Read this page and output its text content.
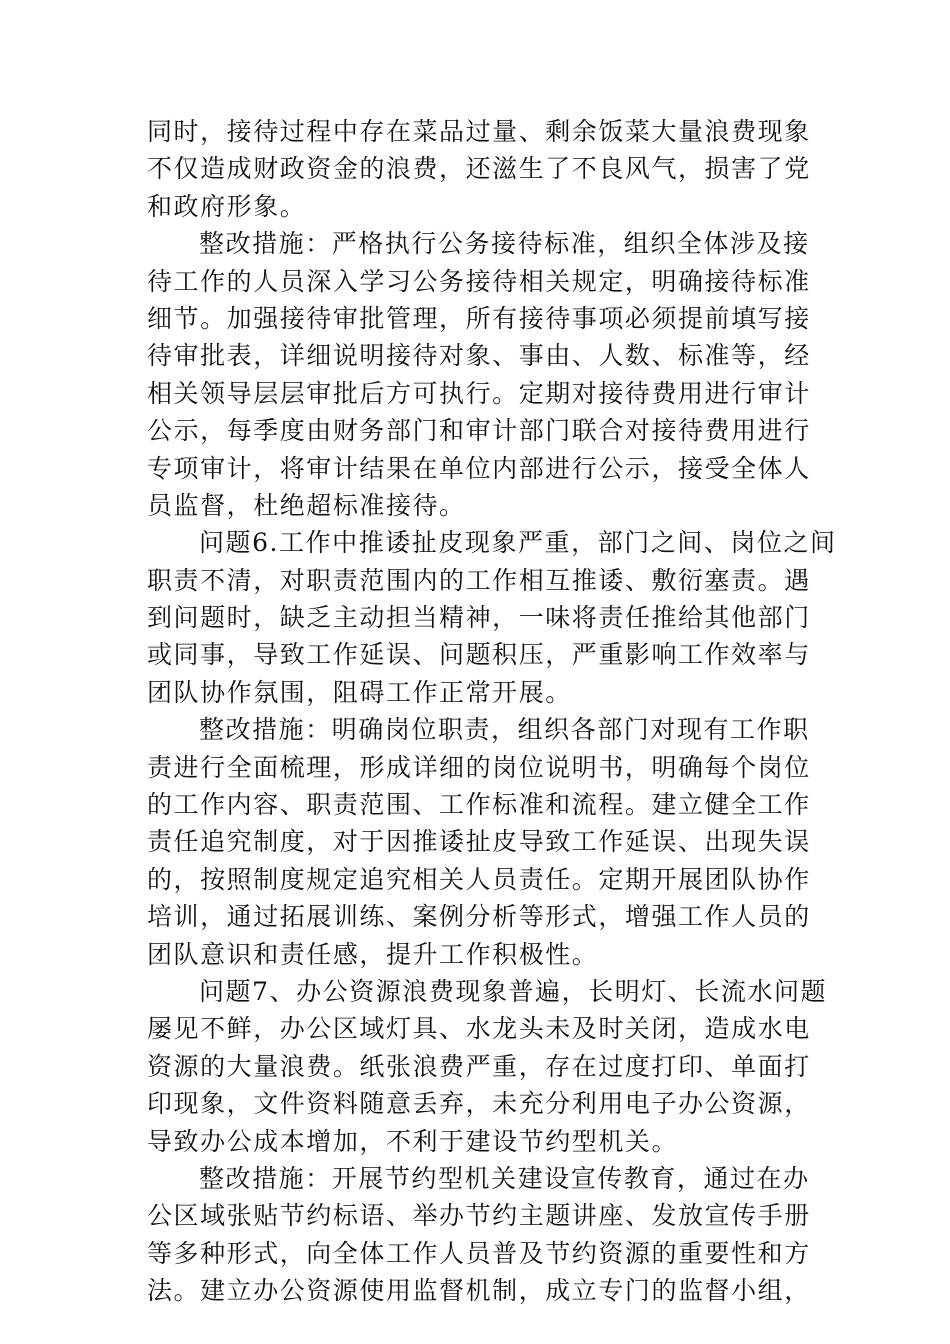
同时，接待过程中存在菜品过量、剩余饭菜大量浪费现象
不仅造成财政资金的浪费，还滋生了不良风气，损害了党
和政府形象。
整改措施：严格执行公务接待标准，组织全体涉及接
待工作的人员深入学习公务接待相关规定，明确接待标准
细节。加强接待审批管理，所有接待事项必须提前填写接
待审批表，详细说明接待对象、事由、人数、标准等，经
相关领导层层审批后方可执行。定期对接待费用进行审计
公示，每季度由财务部门和审计部门联合对接待费用进行
专项审计，将审计结果在单位内部进行公示，接受全体人
员监督，杜绝超标准接待。
问题6.工作中推诿扯皮现象严重，部门之间、岗位之间
职责不清，对职责范围内的工作相互推诿、敷衍塞责。遇
到问题时，缺乏主动担当精神，一味将责任推给其他部门
或同事，导致工作延误、问题积压，严重影响工作效率与
团队协作氛围，阻碍工作正常开展。
整改措施：明确岗位职责，组织各部门对现有工作职
责进行全面梳理，形成详细的岗位说明书，明确每个岗位
的工作内容、职责范围、工作标准和流程。建立健全工作
责任追究制度，对于因推诿扯皮导致工作延误、出现失误
的，按照制度规定追究相关人员责任。定期开展团队协作
培训，通过拓展训练、案例分析等形式，增强工作人员的
团队意识和责任感，提升工作积极性。
问题7、办公资源浪费现象普遍，长明灯、长流水问题
屡见不鲜，办公区域灯具、水龙头未及时关闭，造成水电
资源的大量浪费。纸张浪费严重，存在过度打印、单面打
印现象，文件资料随意丢弃，未充分利用电子办公资源，
导致办公成本增加，不利于建设节约型机关。
整改措施：开展节约型机关建设宣传教育，通过在办
公区域张贴节约标语、举办节约主题讲座、发放宣传手册
等多种形式，向全体工作人员普及节约资源的重要性和方
法。建立办公资源使用监督机制，成立专门的监督小组，
